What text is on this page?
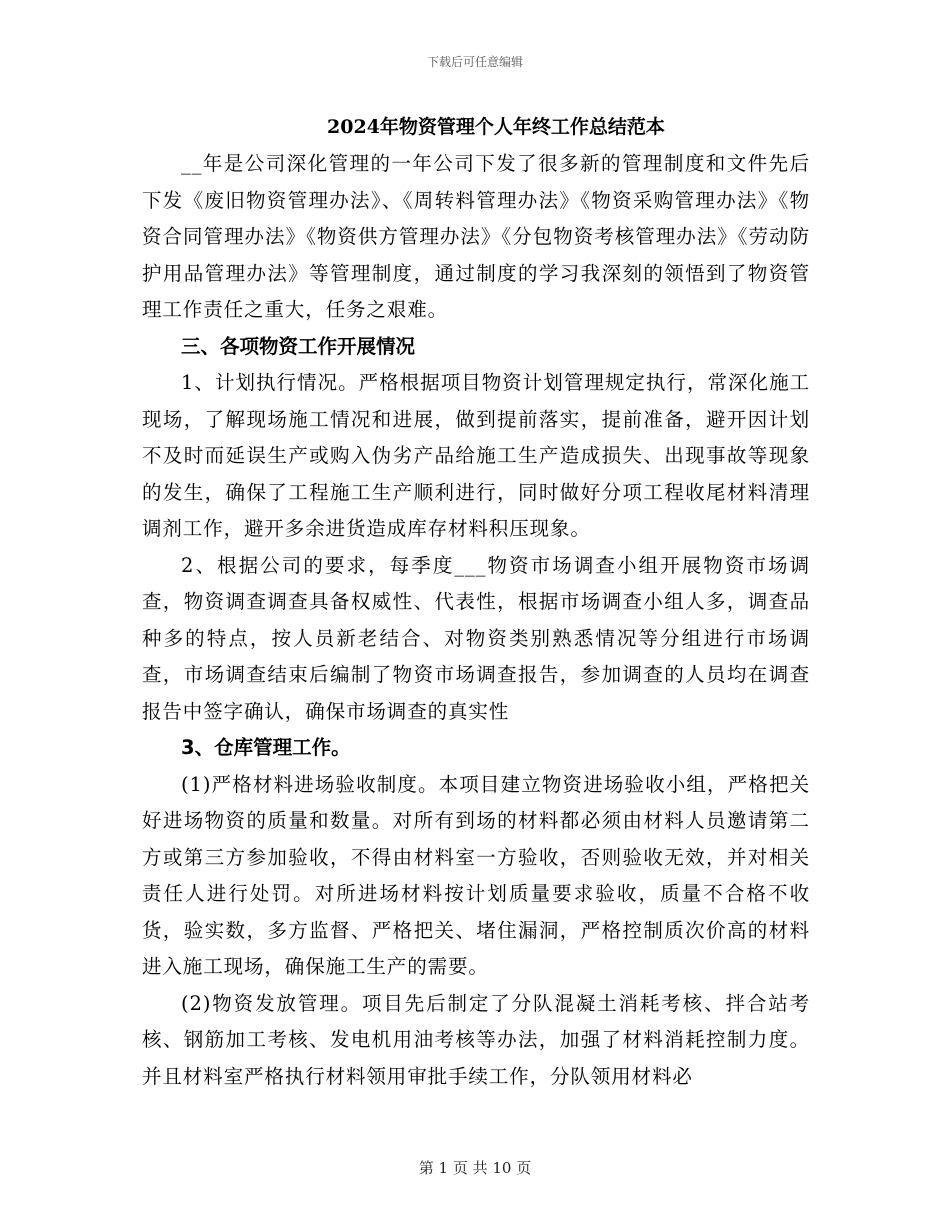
下载后可任意编辑
2024年物资管理个人年终工作总结范本

__年是公司深化管理的一年公司下发了很多新的管理制度和文件先后下发《废旧物资管理办法》、《周转料管理办法》《物资采购管理办法》《物资合同管理办法》《物资供方管理办法》《分包物资考核管理办法》《劳动防护用品管理办法》等管理制度，通过制度的学习我深刻的领悟到了物资管理工作责任之重大，任务之艰难。

三、各项物资工作开展情况

1、计划执行情况。严格根据项目物资计划管理规定执行，常深化施工现场，了解现场施工情况和进展，做到提前落实，提前准备，避开因计划不及时而延误生产或购入伪劣产品给施工生产造成损失、出现事故等现象的发生，确保了工程施工生产顺利进行，同时做好分项工程收尾材料清理调剂工作，避开多余进货造成库存材料积压现象。

2、根据公司的要求，每季度___物资市场调查小组开展物资市场调查，物资调查调查具备权威性、代表性，根据市场调查小组人多，调查品种多的特点，按人员新老结合、对物资类别熟悉情况等分组进行市场调查，市场调查结束后编制了物资市场调查报告，参加调查的人员均在调查报告中签字确认，确保市场调查的真实性

3、仓库管理工作。

(1)严格材料进场验收制度。本项目建立物资进场验收小组，严格把关好进场物资的质量和数量。对所有到场的材料都必须由材料人员邀请第二方或第三方参加验收，不得由材料室一方验收，否则验收无效，并对相关责任人进行处罚。对所进场材料按计划质量要求验收，质量不合格不收货，验实数，多方监督、严格把关、堵住漏洞，严格控制质次价高的材料进入施工现场，确保施工生产的需要。

(2)物资发放管理。项目先后制定了分队混凝土消耗考核、拌合站考核、钢筋加工考核、发电机用油考核等办法，加强了材料消耗控制力度。并且材料室严格执行材料领用审批手续工作，分队领用材料必

第 1 页 共 10 页
